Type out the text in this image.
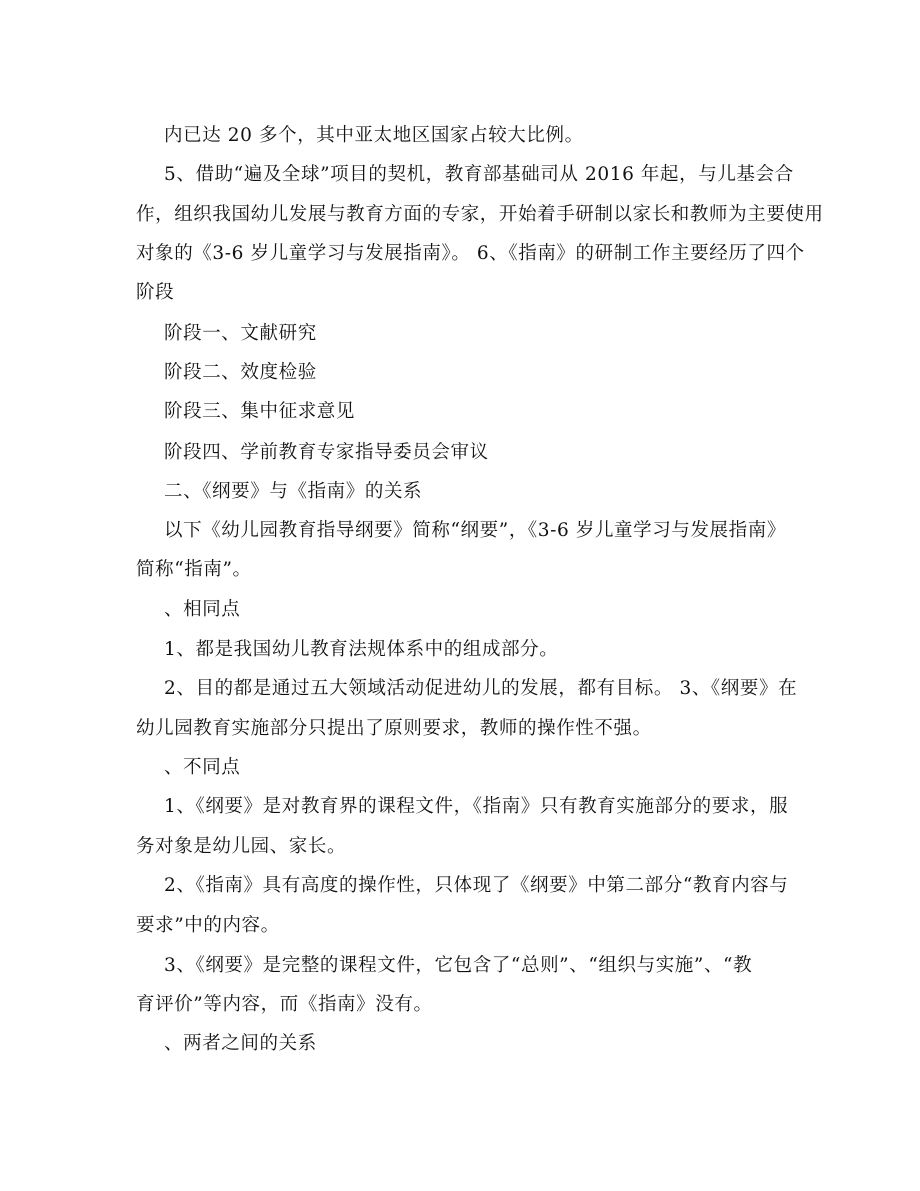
内已达 20 多个，其中亚太地区国家占较大比例。
5、借助“遍及全球”项目的契机，教育部基础司从 2016 年起，与儿基会合
作，组织我国幼儿发展与教育方面的专家，开始着手研制以家长和教师为主要使用
对象的《3-6 岁儿童学习与发展指南》。 6、《指南》的研制工作主要经历了四个
阶段
阶段一、文献研究
阶段二、效度检验
阶段三、集中征求意见
阶段四、学前教育专家指导委员会审议
二、《纲要》与《指南》的关系
以下《幼儿园教育指导纲要》简称“纲要”，《3-6 岁儿童学习与发展指南》
简称“指南”。
、相同点
1、都是我国幼儿教育法规体系中的组成部分。
2、目的都是通过五大领域活动促进幼儿的发展，都有目标。 3、《纲要》在
幼儿园教育实施部分只提出了原则要求，教师的操作性不强。
、不同点
1、《纲要》是对教育界的课程文件，《指南》只有教育实施部分的要求，服
务对象是幼儿园、家长。
2、《指南》具有高度的操作性，只体现了《纲要》中第二部分“教育内容与
要求”中的内容。
3、《纲要》是完整的课程文件，它包含了“总则”、“组织与实施”、“教
育评价”等内容，而《指南》没有。
、两者之间的关系
